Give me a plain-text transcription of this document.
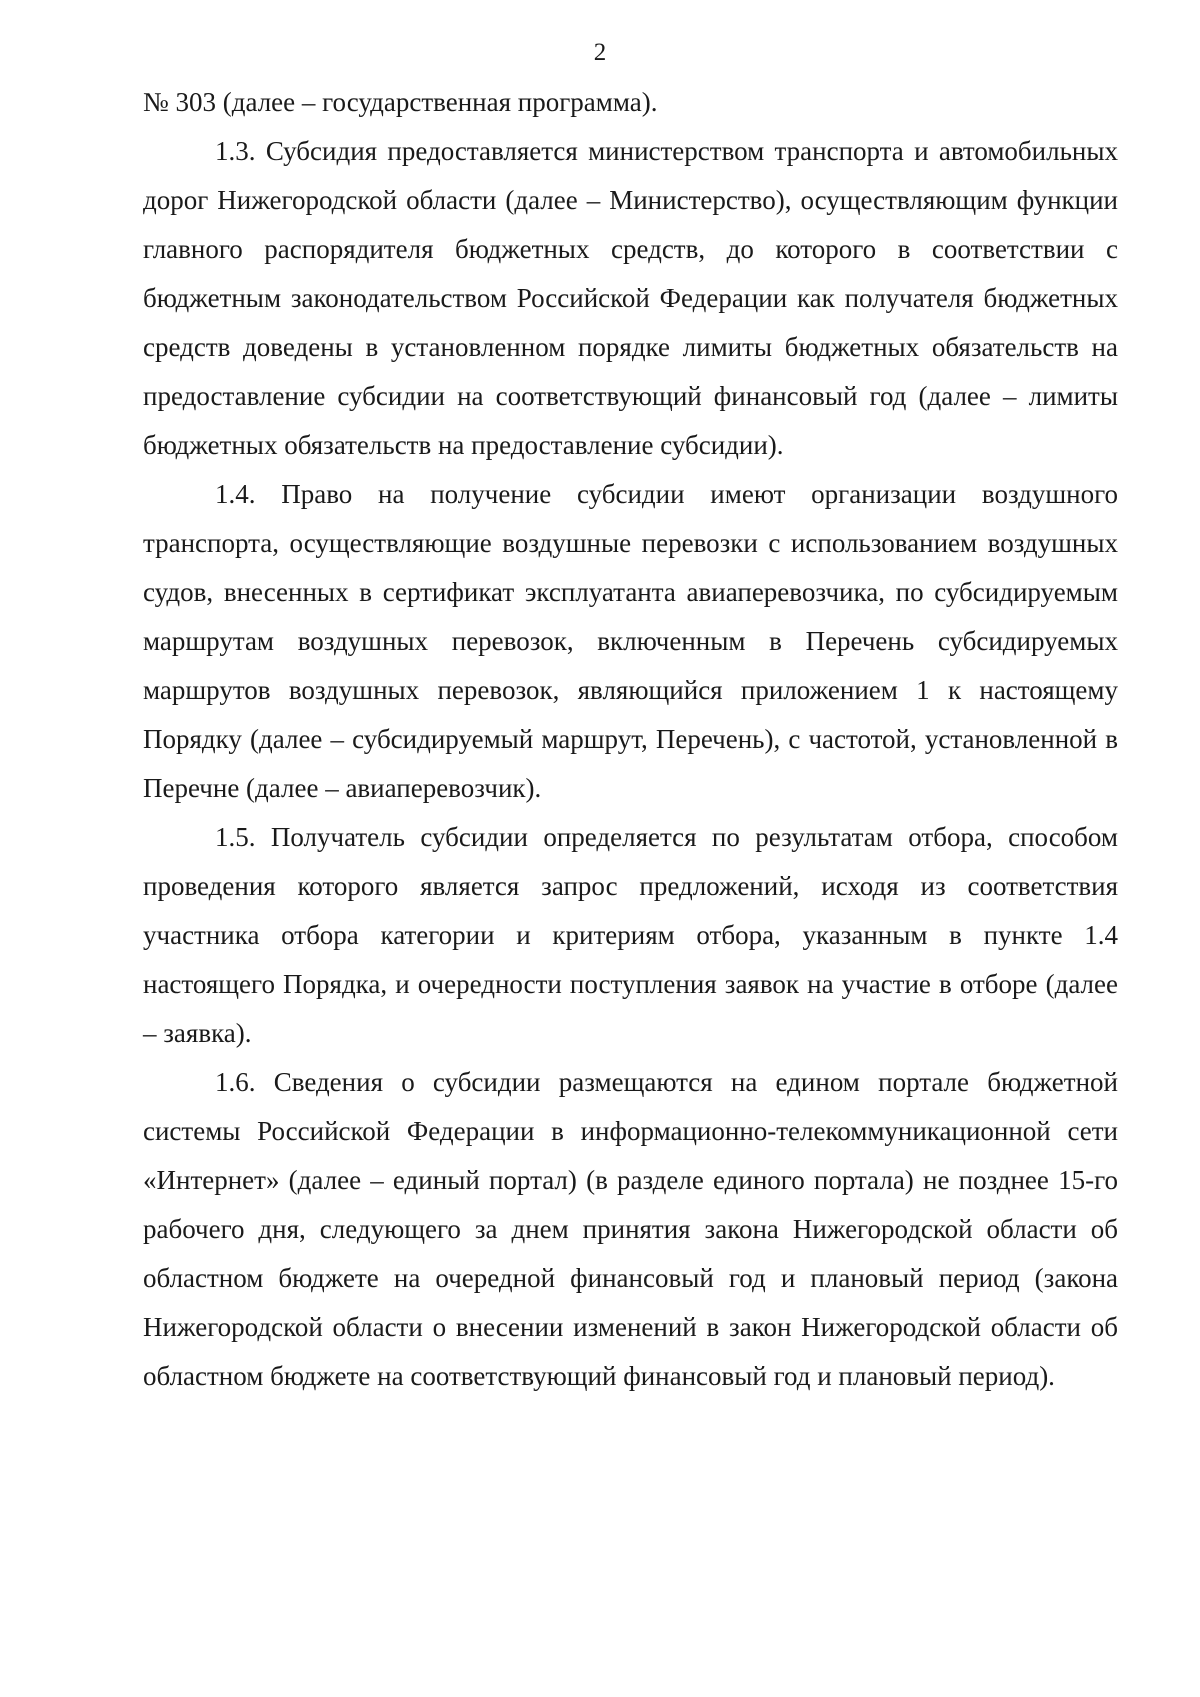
2

№ 303 (далее – государственная программа).

1.3. Субсидия предоставляется министерством транспорта и автомобильных дорог Нижегородской области (далее – Министерство), осуществляющим функции главного распорядителя бюджетных средств, до которого в соответствии с бюджетным законодательством Российской Федерации как получателя бюджетных средств доведены в установленном порядке лимиты бюджетных обязательств на предоставление субсидии на соответствующий финансовый год (далее – лимиты бюджетных обязательств на предоставление субсидии).

1.4. Право на получение субсидии имеют организации воздушного транспорта, осуществляющие воздушные перевозки с использованием воздушных судов, внесенных в сертификат эксплуатанта авиаперевозчика, по субсидируемым маршрутам воздушных перевозок, включенным в Перечень субсидируемых маршрутов воздушных перевозок, являющийся приложением 1 к настоящему Порядку (далее – субсидируемый маршрут, Перечень), с частотой, установленной в Перечне (далее – авиаперевозчик).

1.5. Получатель субсидии определяется по результатам отбора, способом проведения которого является запрос предложений, исходя из соответствия участника отбора категории и критериям отбора, указанным в пункте 1.4 настоящего Порядка, и очередности поступления заявок на участие в отборе (далее – заявка).

1.6. Сведения о субсидии размещаются на едином портале бюджетной системы Российской Федерации в информационно-телекоммуникационной сети «Интернет» (далее – единый портал) (в разделе единого портала) не позднее 15-го рабочего дня, следующего за днем принятия закона Нижегородской области об областном бюджете на очередной финансовый год и плановый период (закона Нижегородской области о внесении изменений в закон Нижегородской области об областном бюджете на соответствующий финансовый год и плановый период).
